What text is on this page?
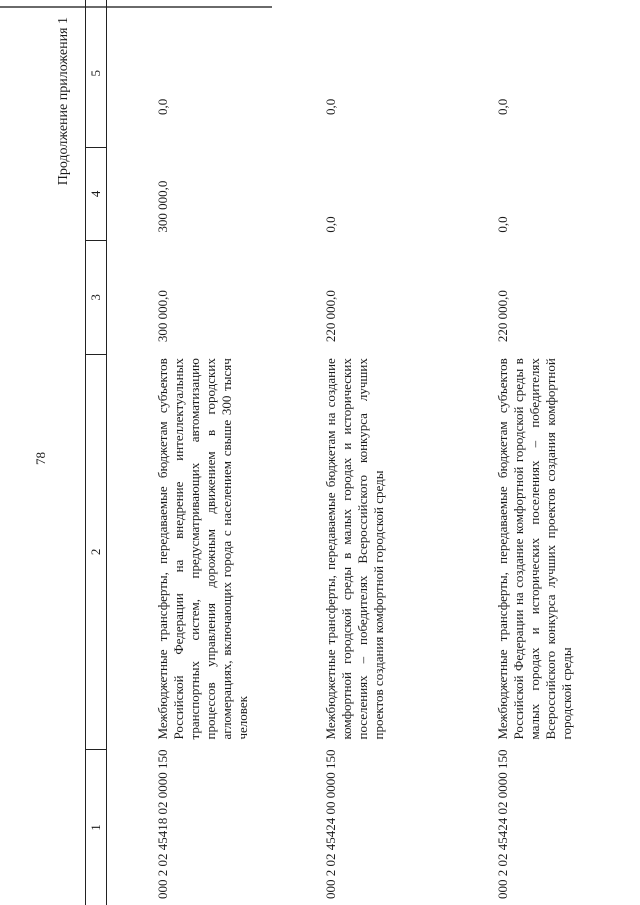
78
Продолжение приложения 1
1	2	3	4	5
000 2 02 45418 02 0000 150	Межбюджетные трансферты, передаваемые бюджетам субъектов Российской Федерации на внедрение интеллектуальных транспортных систем, предусматривающих автоматизацию процессов управления дорожным движением в городских агломерациях, включающих города с населением свыше 300 тысяч человек	300 000,0	300 000,0	0,0
000 2 02 45424 00 0000 150	Межбюджетные трансферты, передаваемые бюджетам на создание комфортной городской среды в малых городах и исторических поселениях – победителях Всероссийского конкурса лучших проектов создания комфортной городской среды	220 000,0	0,0	0,0
000 2 02 45424 02 0000 150	Межбюджетные трансферты, передаваемые бюджетам субъектов Российской Федерации на создание комфортной городской среды в малых городах и исторических поселениях – победителях Всероссийского конкурса лучших проектов создания комфортной городской среды	220 000,0	0,0	0,0
